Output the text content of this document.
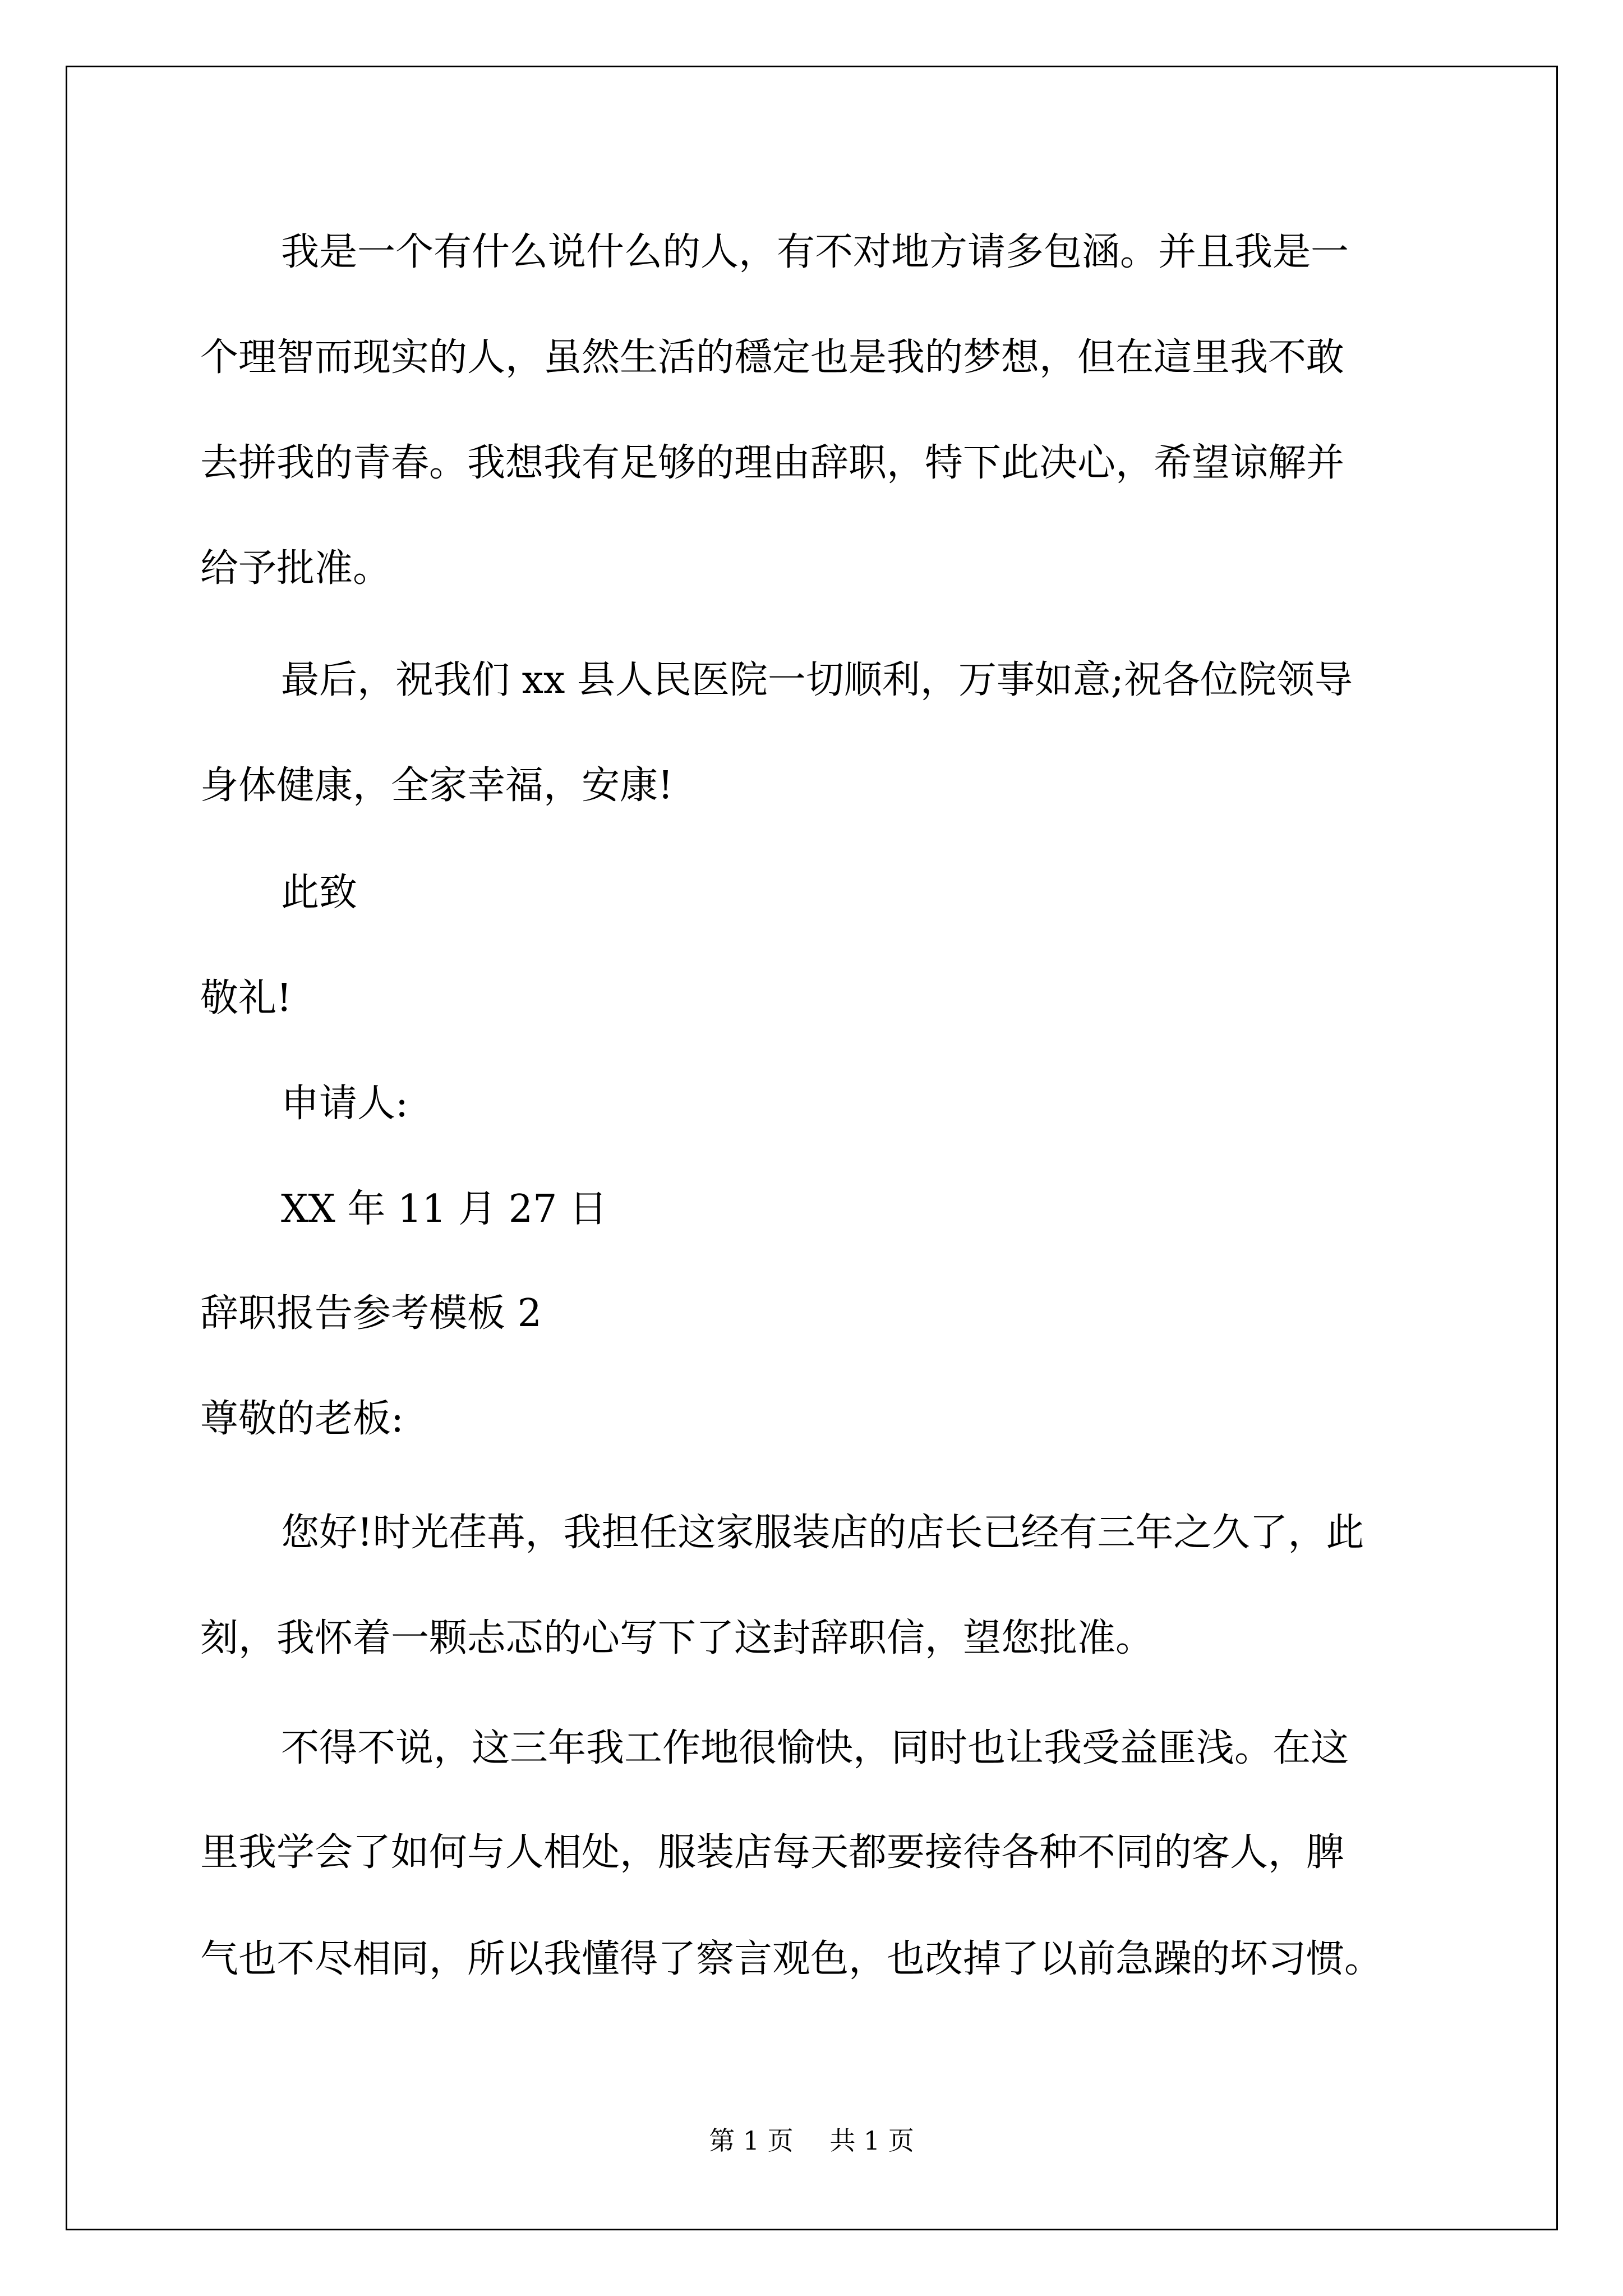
我是一个有什么说什么的人，有不对地方请多包涵。并且我是一
个理智而现实的人，虽然生活的穩定也是我的梦想，但在這里我不敢
去拼我的青春。我想我有足够的理由辞职，特下此决心，希望谅解并
给予批准。
最后，祝我们 xx 县人民医院一切顺利，万事如意;祝各位院领导
身体健康，全家幸福，安康!
此致
敬礼!
申请人:
XX 年 11 月 27 日
辞职报告参考模板 2
尊敬的老板:
您好!时光荏苒，我担任这家服装店的店长已经有三年之久了，此
刻，我怀着一颗忐忑的心写下了这封辞职信，望您批准。
不得不说，这三年我工作地很愉快，同时也让我受益匪浅。在这
里我学会了如何与人相处，服装店每天都要接待各种不同的客人，脾
气也不尽相同，所以我懂得了察言观色，也改掉了以前急躁的坏习惯。
第 1 页 共 1 页
